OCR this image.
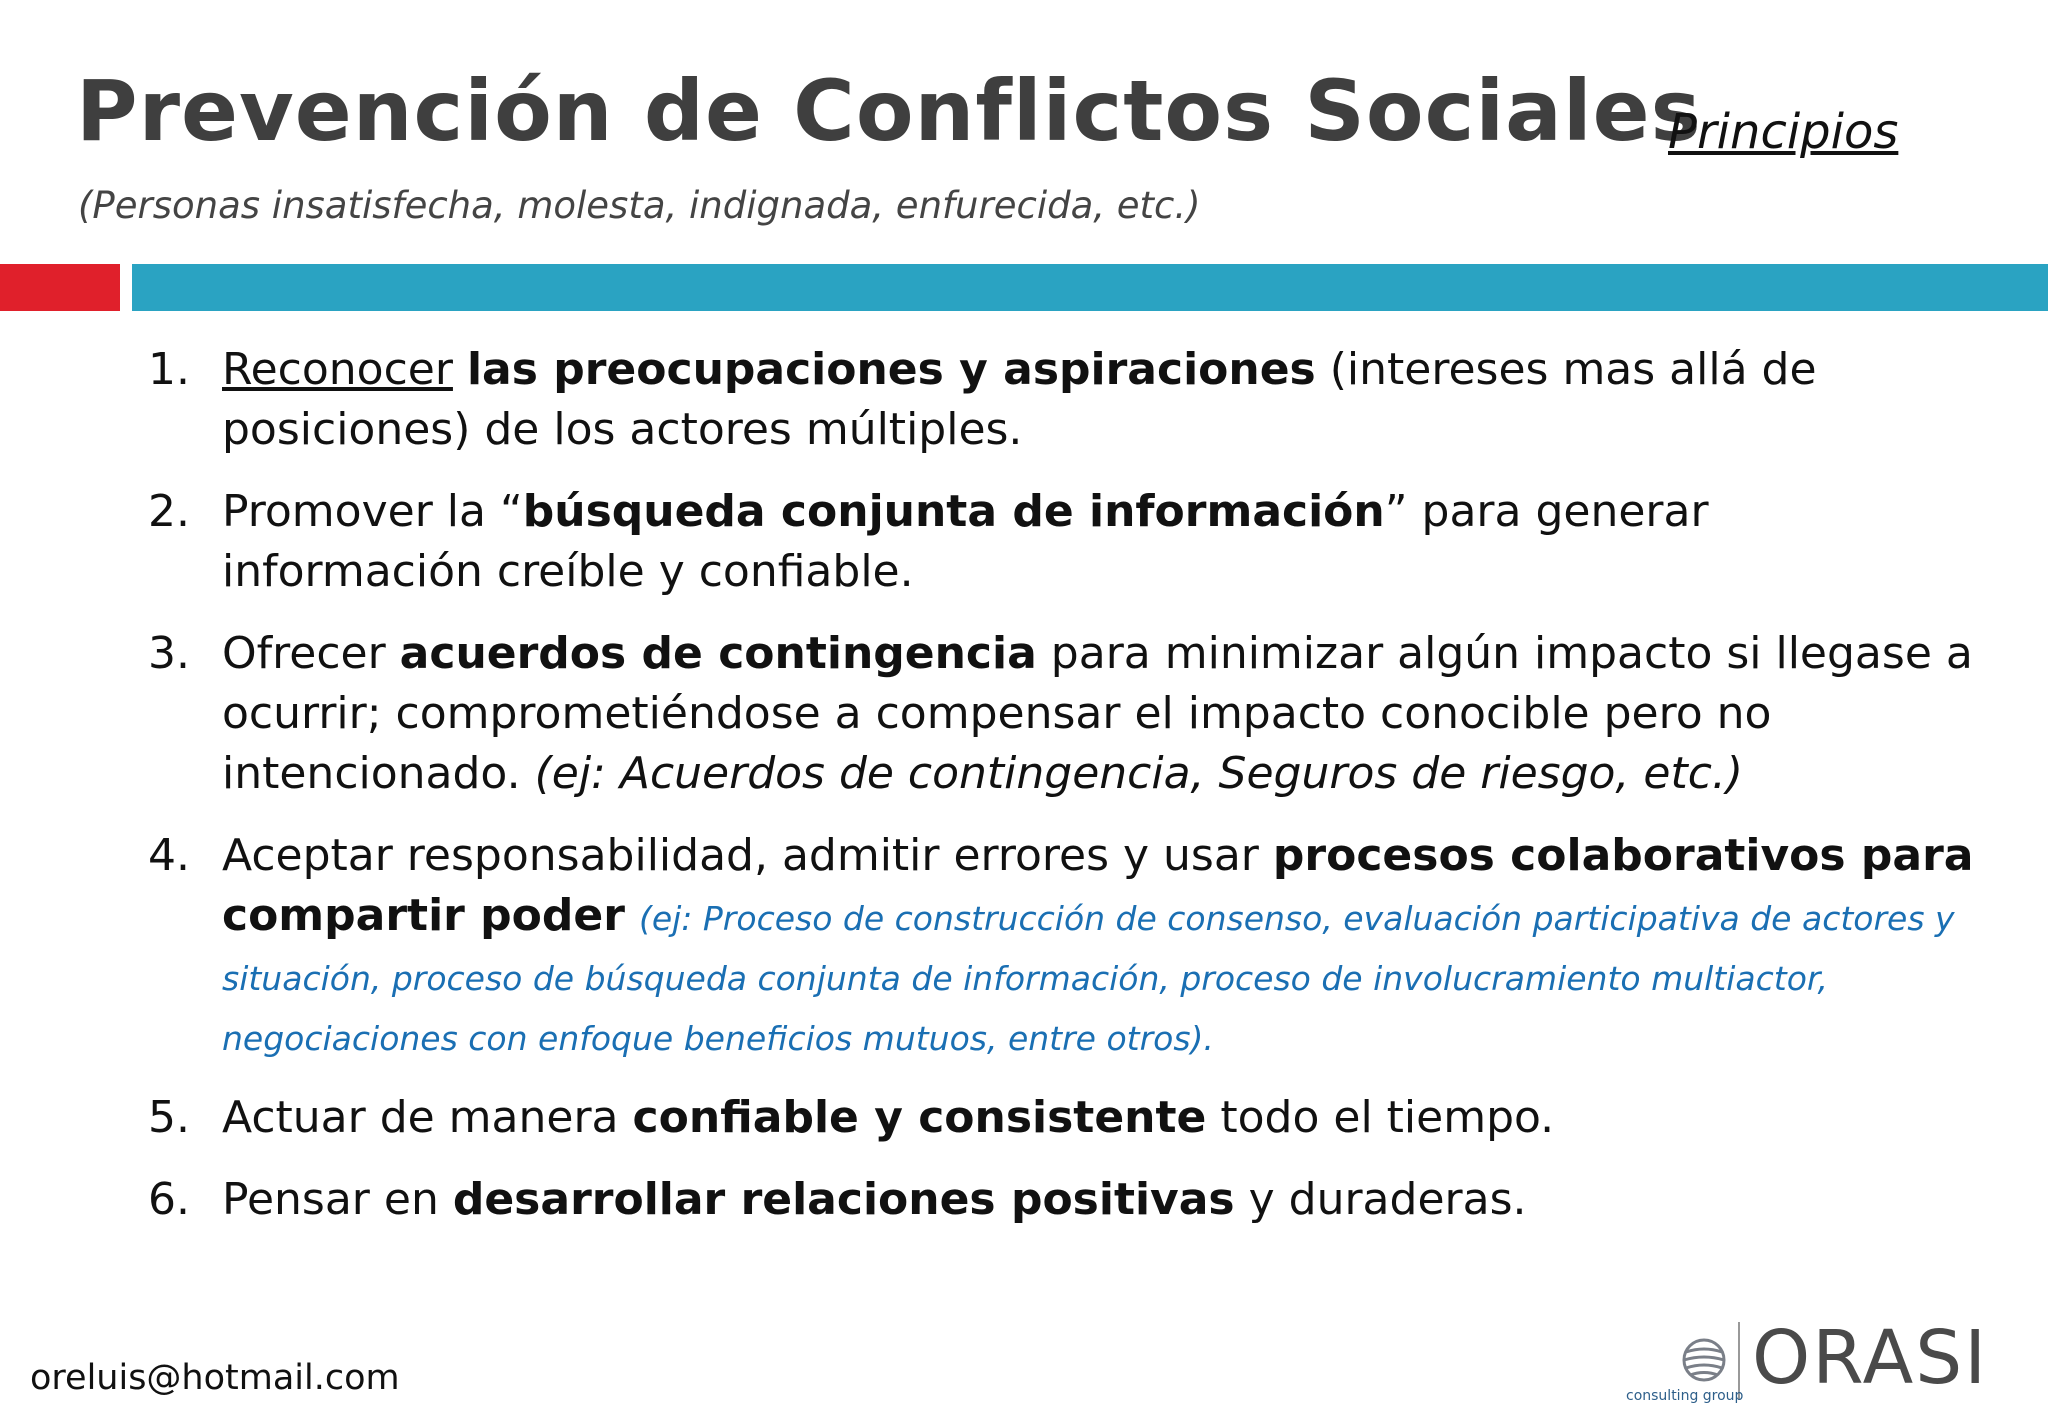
Prevención de Conflictos Sociales
Principios
(Personas insatisfecha, molesta, indignada, enfurecida, etc.)
1. Reconocer las preocupaciones y aspiraciones (intereses mas allá de posiciones) de los actores múltiples.
2. Promover la “búsqueda conjunta de información” para generar información creíble y confiable.
3. Ofrecer acuerdos de contingencia para minimizar algún impacto si llegase a ocurrir; comprometiéndose a compensar el impacto conocible pero no intencionado. (ej: Acuerdos de contingencia, Seguros de riesgo, etc.)
4. Aceptar responsabilidad, admitir errores y usar procesos colaborativos para compartir poder (ej: Proceso de construcción de consenso, evaluación participativa de actores y situación, proceso de búsqueda conjunta de información, proceso de involucramiento multiactor, negociaciones con enfoque beneficios mutuos, entre otros).
5. Actuar de manera confiable y consistente todo el tiempo.
6. Pensar en desarrollar relaciones positivas y duraderas.
oreluis@hotmail.com	ORASI
consulting group
